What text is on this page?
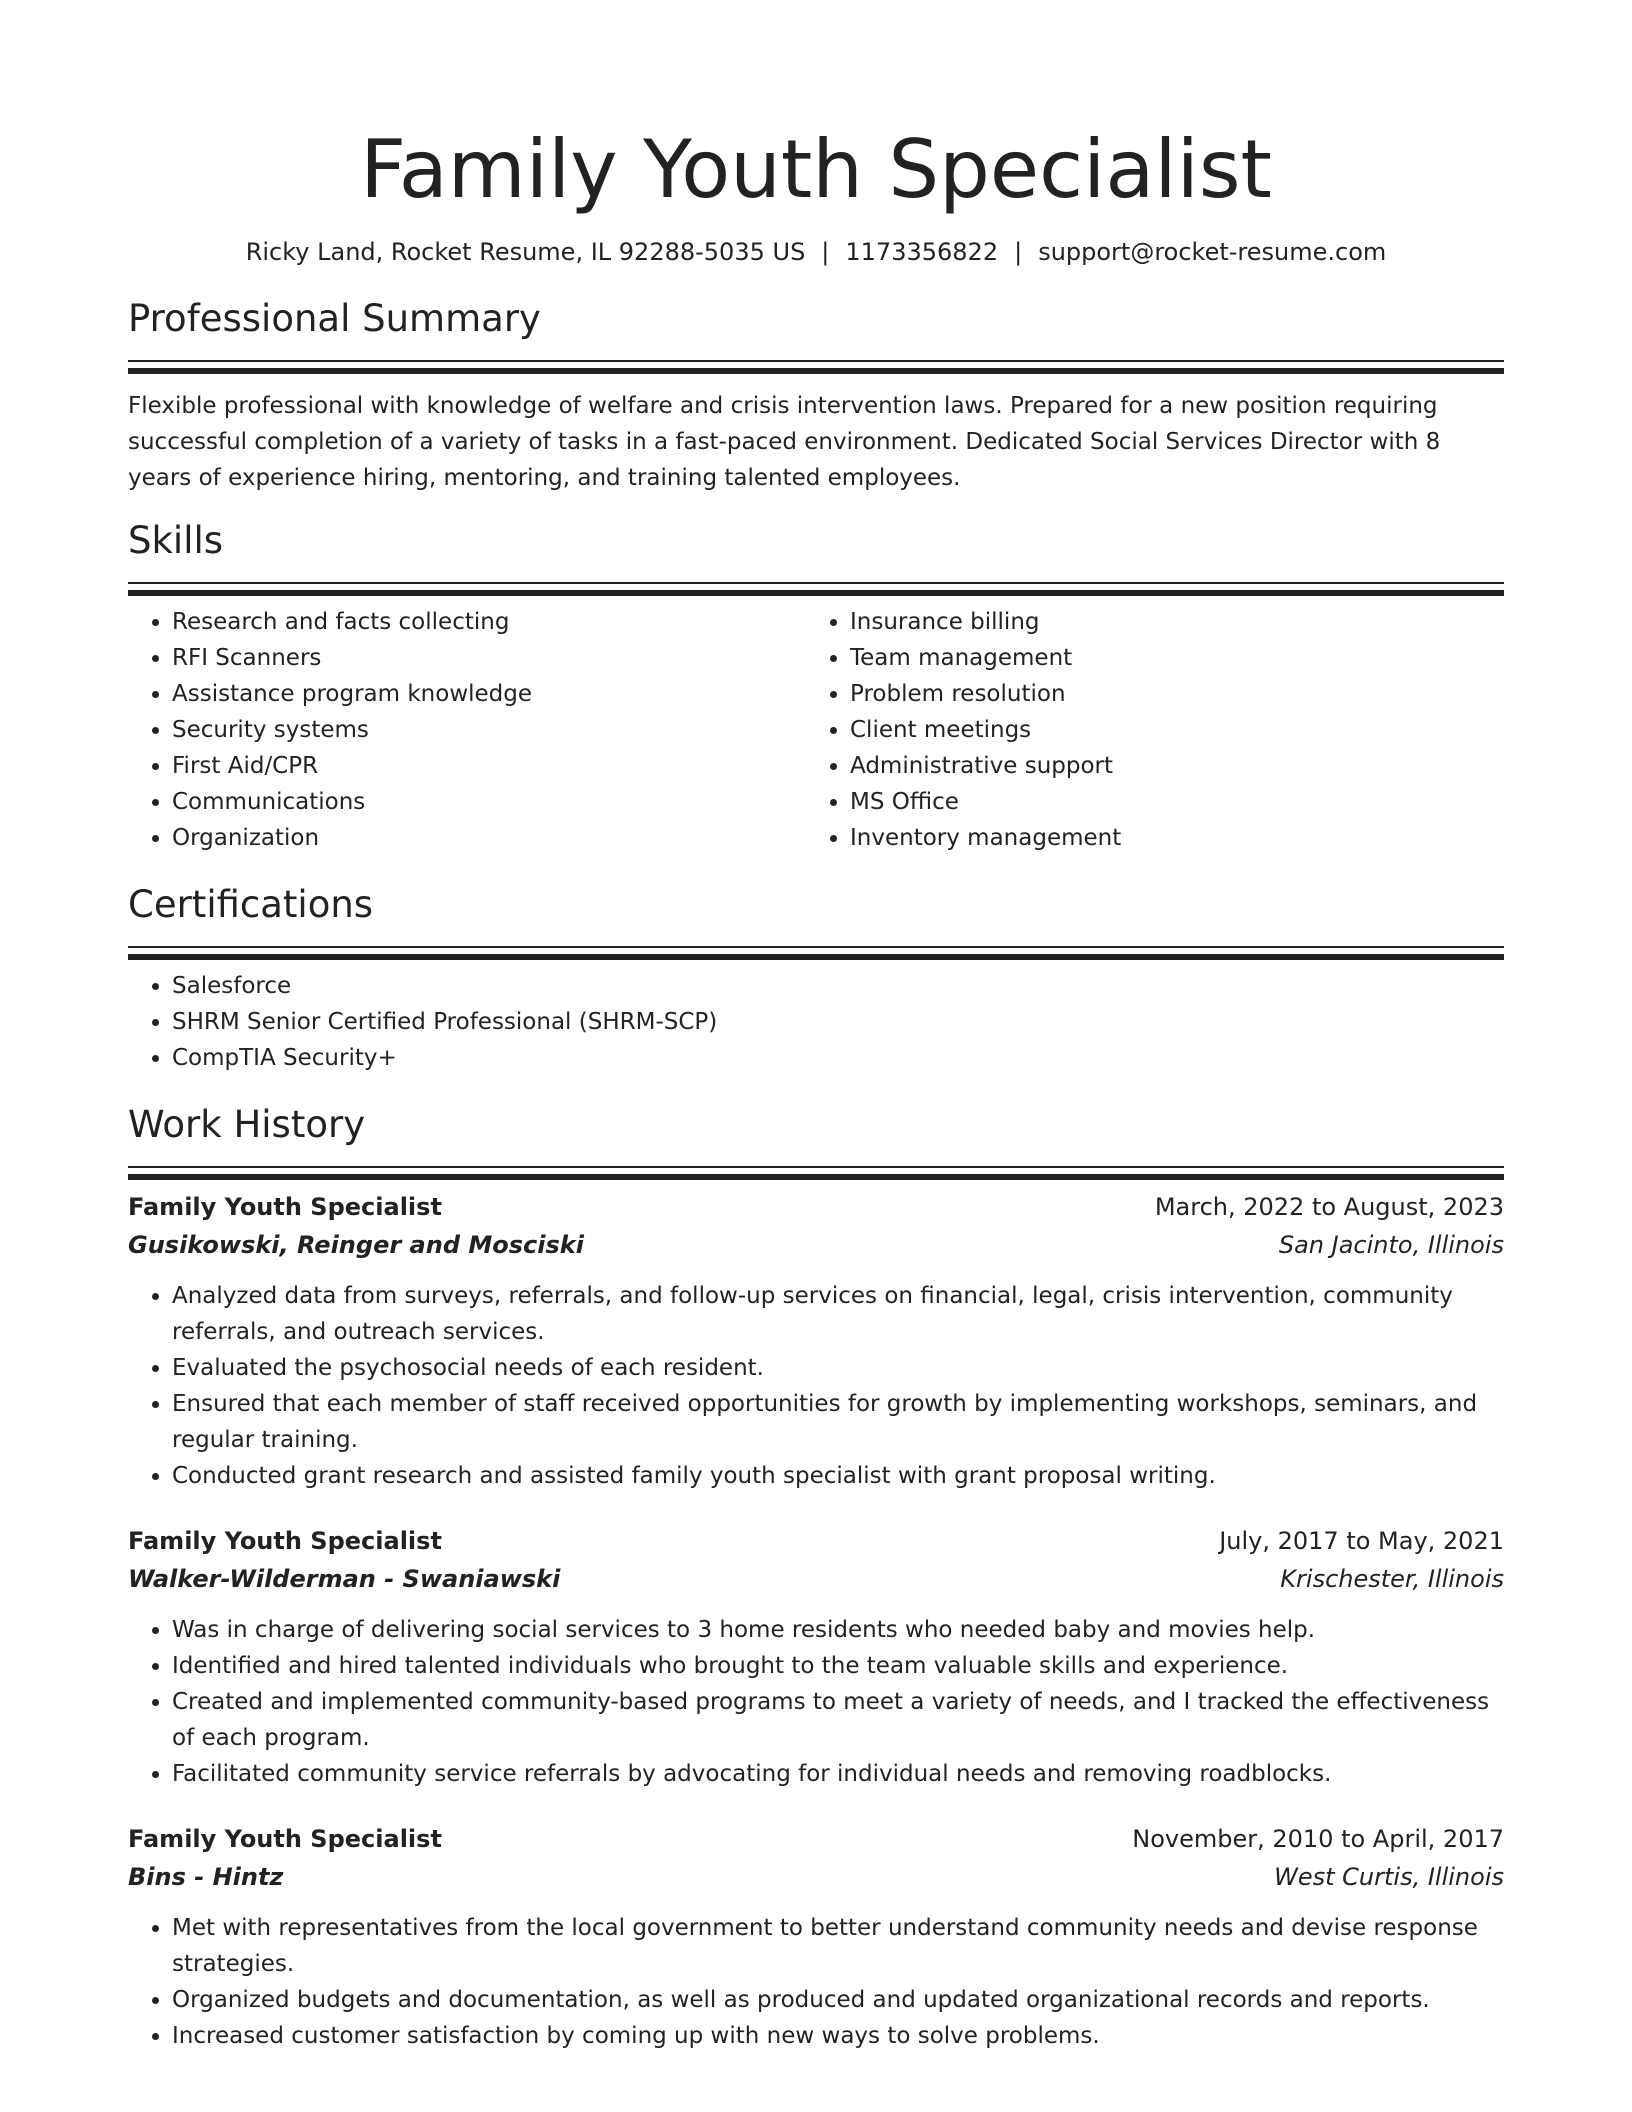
Family Youth Specialist
Ricky Land, Rocket Resume, IL 92288-5035 US | 1173356822 | support@rocket-resume.com
Professional Summary

Flexible professional with knowledge of welfare and crisis intervention laws. Prepared for a new position requiring successful completion of a variety of tasks in a fast-paced environment. Dedicated Social Services Director with 8 years of experience hiring, mentoring, and training talented employees.

Skills
• Research and facts collecting
• RFI Scanners
• Assistance program knowledge
• Security systems
• First Aid/CPR
• Communications
• Organization
• Insurance billing
• Team management
• Problem resolution
• Client meetings
• Administrative support
• MS Office
• Inventory management
Certifications
• Salesforce
• SHRM Senior Certified Professional (SHRM-SCP)
• CompTIA Security+
Work History
Family Youth Specialist	March, 2022 to August, 2023
Gusikowski, Reinger and Mosciski	San Jacinto, Illinois
• Analyzed data from surveys, referrals, and follow-up services on financial, legal, crisis intervention, community referrals, and outreach services.
• Evaluated the psychosocial needs of each resident.
• Ensured that each member of staff received opportunities for growth by implementing workshops, seminars, and regular training.
• Conducted grant research and assisted family youth specialist with grant proposal writing.
Family Youth Specialist	July, 2017 to May, 2021
Walker-Wilderman - Swaniawski	Krischester, Illinois
• Was in charge of delivering social services to 3 home residents who needed baby and movies help.
• Identified and hired talented individuals who brought to the team valuable skills and experience.
• Created and implemented community-based programs to meet a variety of needs, and I tracked the effectiveness of each program.
• Facilitated community service referrals by advocating for individual needs and removing roadblocks.
Family Youth Specialist	November, 2010 to April, 2017
Bins - Hintz	West Curtis, Illinois
• Met with representatives from the local government to better understand community needs and devise response strategies.
• Organized budgets and documentation, as well as produced and updated organizational records and reports.
• Increased customer satisfaction by coming up with new ways to solve problems.
